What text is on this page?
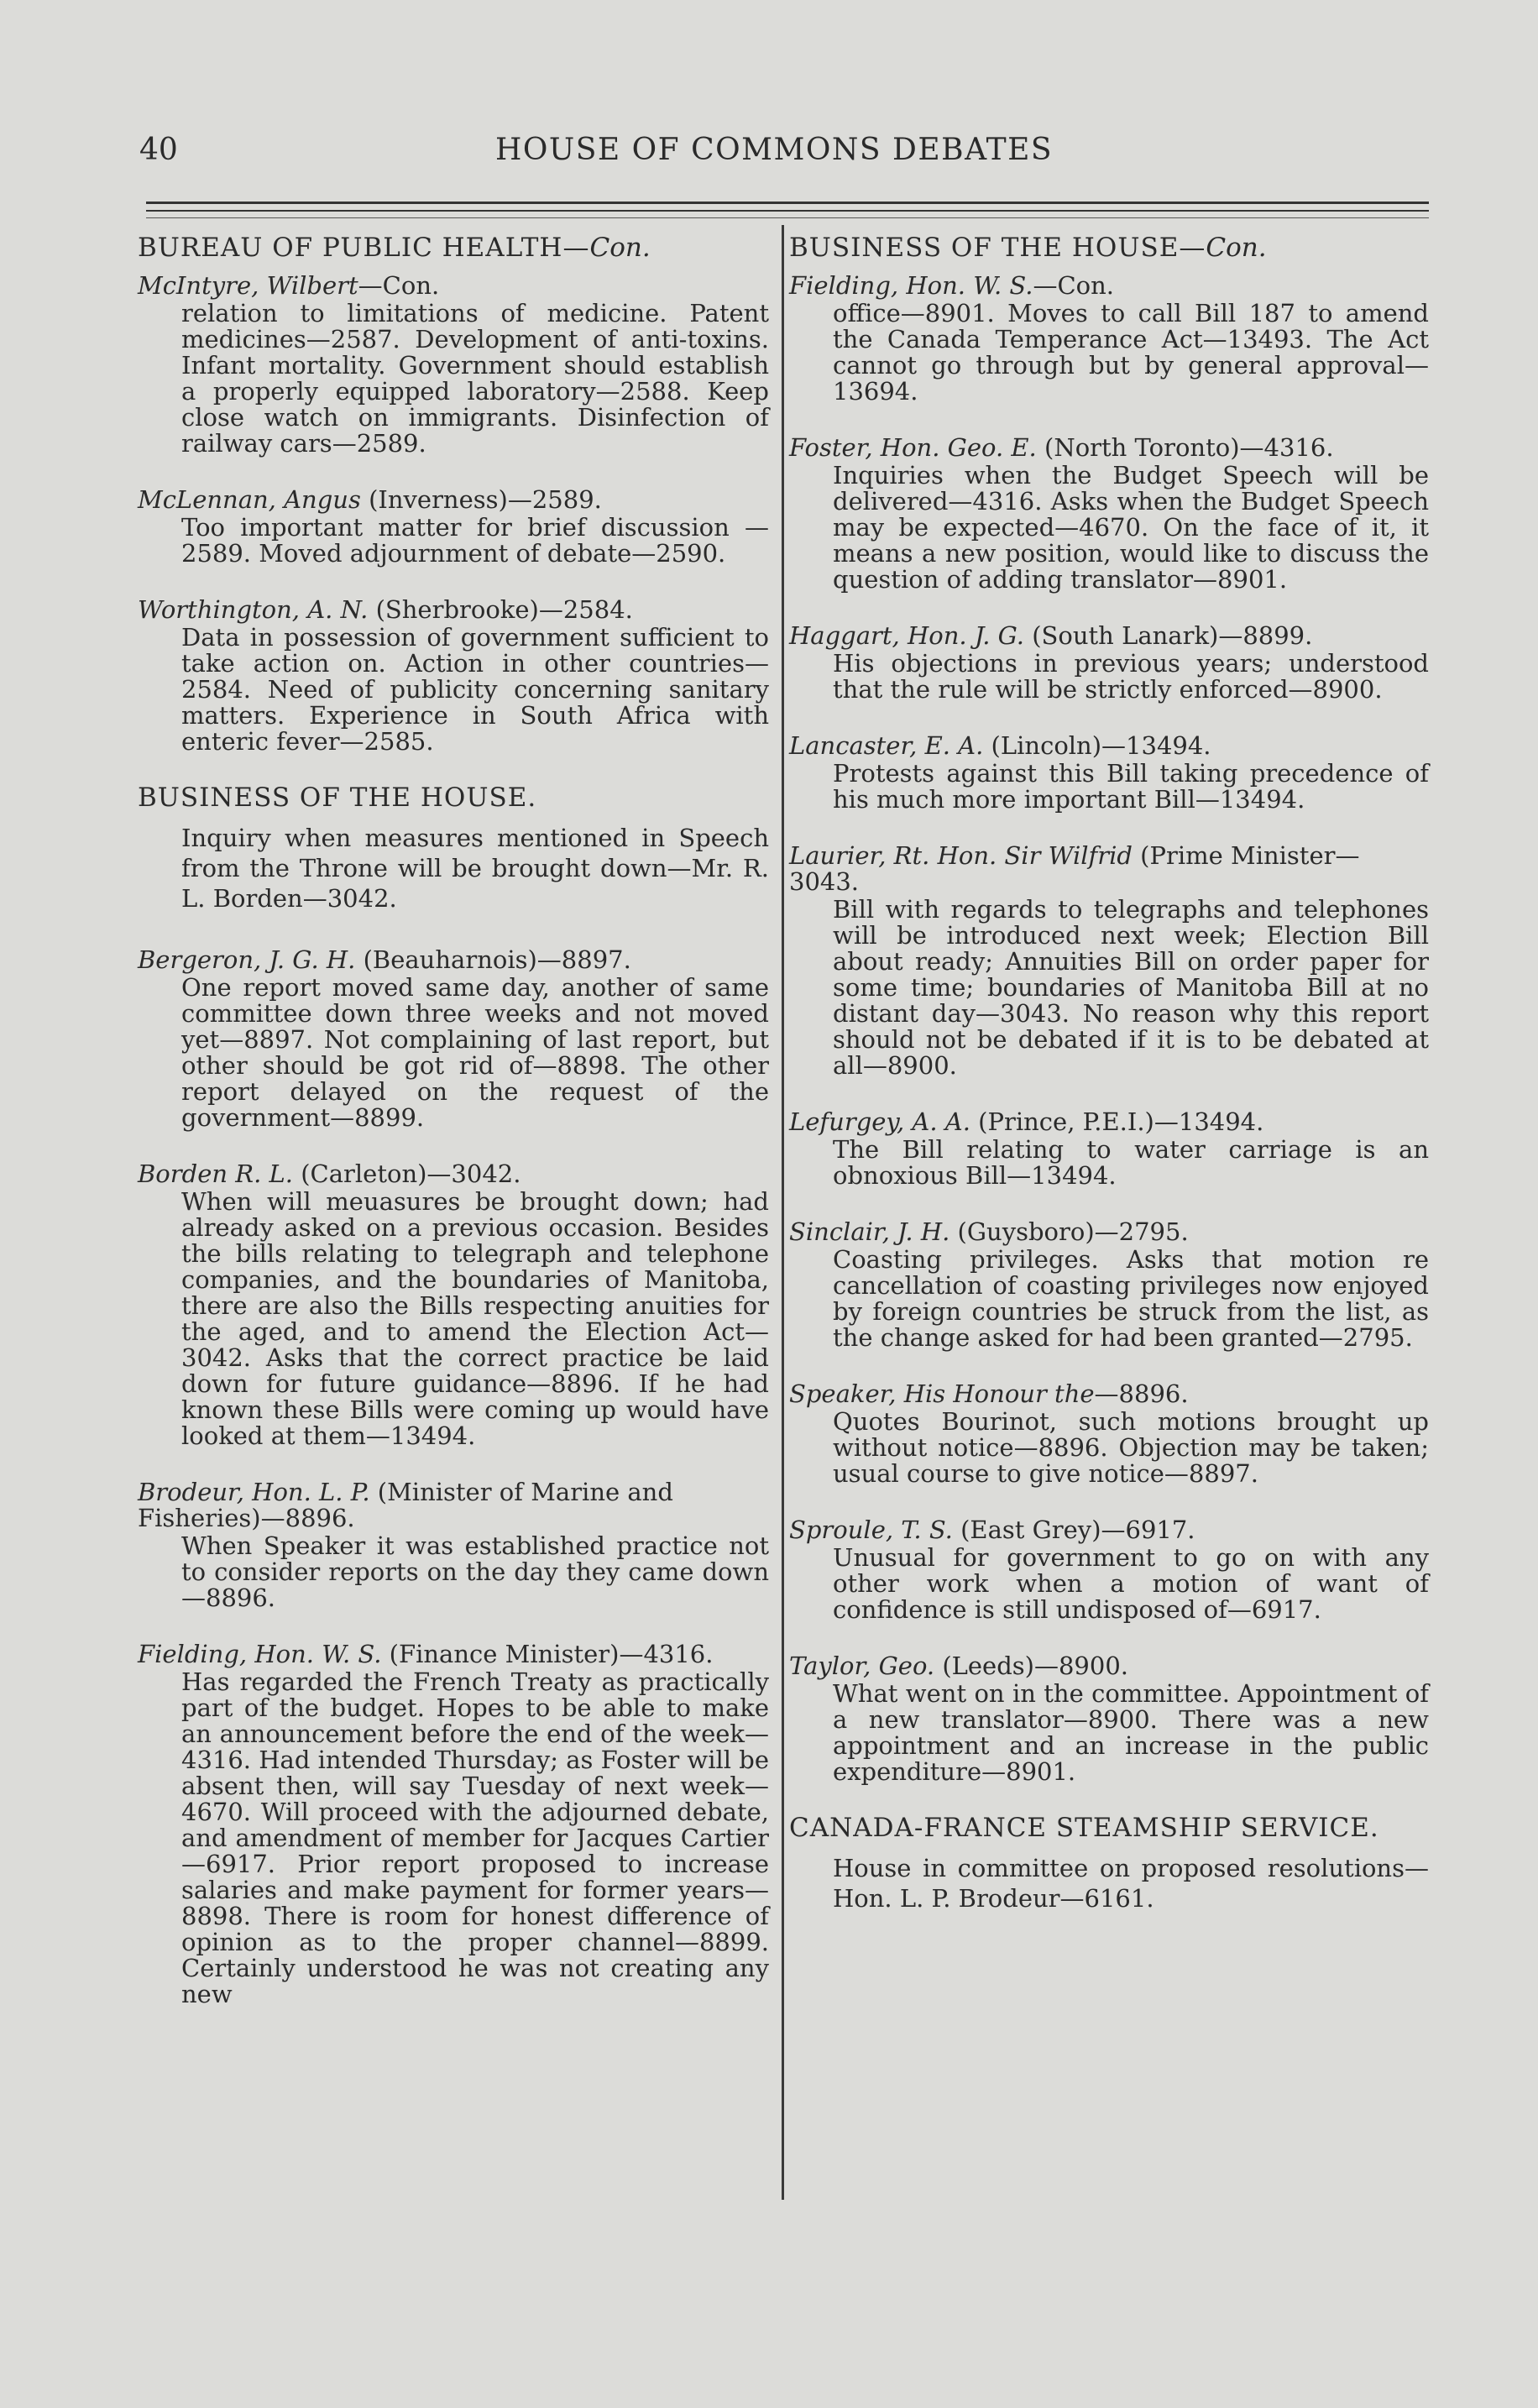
40	HOUSE OF COMMONS DEBATES
BUREAU OF PUBLIC HEALTH—Con.
McIntyre, Wilbert—Con.
relation to limitations of medicine. Patent medicines—2587. Development of anti-toxins. Infant mortality. Government should establish a properly equipped laboratory—2588. Keep close watch on immigrants. Disinfection of railway cars—2589.
McLennan, Angus (Inverness)—2589.
Too important matter for brief discussion —2589. Moved adjournment of debate—2590.
Worthington, A. N. (Sherbrooke)—2584.
Data in possession of government sufficient to take action on. Action in other countries—2584. Need of publicity concerning sanitary matters. Experience in South Africa with enteric fever—2585.
BUSINESS OF THE HOUSE.
Inquiry when measures mentioned in Speech from the Throne will be brought down—Mr. R. L. Borden—3042.
Bergeron, J. G. H. (Beauharnois)—8897.
One report moved same day, another of same committee down three weeks and not moved yet—8897. Not complaining of last report, but other should be got rid of—8898. The other report delayed on the request of the government—8899.
Borden R. L. (Carleton)—3042.
When will meuasures be brought down; had already asked on a previous occasion. Besides the bills relating to telegraph and telephone companies, and the boundaries of Manitoba, there are also the Bills respecting anuities for the aged, and to amend the Election Act—3042. Asks that the correct practice be laid down for future guidance—8896. If he had known these Bills were coming up would have looked at them—13494.
Brodeur, Hon. L. P. (Minister of Marine and Fisheries)—8896.
When Speaker it was established practice not to consider reports on the day they came down—8896.
Fielding, Hon. W. S. (Finance Minister)—4316.
Has regarded the French Treaty as practically part of the budget. Hopes to be able to make an announcement before the end of the week—4316. Had intended Thursday; as Foster will be absent then, will say Tuesday of next week—4670. Will proceed with the adjourned debate, and amendment of member for Jacques Cartier—6917. Prior report proposed to increase salaries and make payment for former years—8898. There is room for honest difference of opinion as to the proper channel—8899. Certainly understood he was not creating any new
BUSINESS OF THE HOUSE—Con.
Fielding, Hon. W. S.—Con.
office—8901. Moves to call Bill 187 to amend the Canada Temperance Act—13493. The Act cannot go through but by general approval—13694.
Foster, Hon. Geo. E. (North Toronto)—4316.
Inquiries when the Budget Speech will be delivered—4316. Asks when the Budget Speech may be expected—4670. On the face of it, it means a new position, would like to discuss the question of adding translator—8901.
Haggart, Hon. J. G. (South Lanark)—8899.
His objections in previous years; understood that the rule will be strictly enforced—8900.
Lancaster, E. A. (Lincoln)—13494.
Protests against this Bill taking precedence of his much more important Bill—13494.
Laurier, Rt. Hon. Sir Wilfrid (Prime Minister—3043.
Bill with regards to telegraphs and telephones will be introduced next week; Election Bill about ready; Annuities Bill on order paper for some time; boundaries of Manitoba Bill at no distant day—3043. No reason why this report should not be debated if it is to be debated at all—8900.
Lefurgey, A. A. (Prince, P.E.I.)—13494.
The Bill relating to water carriage is an obnoxious Bill—13494.
Sinclair, J. H. (Guysboro)—2795.
Coasting privileges. Asks that motion re cancellation of coasting privileges now enjoyed by foreign countries be struck from the list, as the change asked for had been granted—2795.
Speaker, His Honour the—8896.
Quotes Bourinot, such motions brought up without notice—8896. Objection may be taken; usual course to give notice—8897.
Sproule, T. S. (East Grey)—6917.
Unusual for government to go on with any other work when a motion of want of confidence is still undisposed of—6917.
Taylor, Geo. (Leeds)—8900.
What went on in the committee. Appointment of a new translator—8900. There was a new appointment and an increase in the public expenditure—8901.
CANADA-FRANCE STEAMSHIP SERVICE.
House in committee on proposed resolutions—Hon. L. P. Brodeur—6161.
